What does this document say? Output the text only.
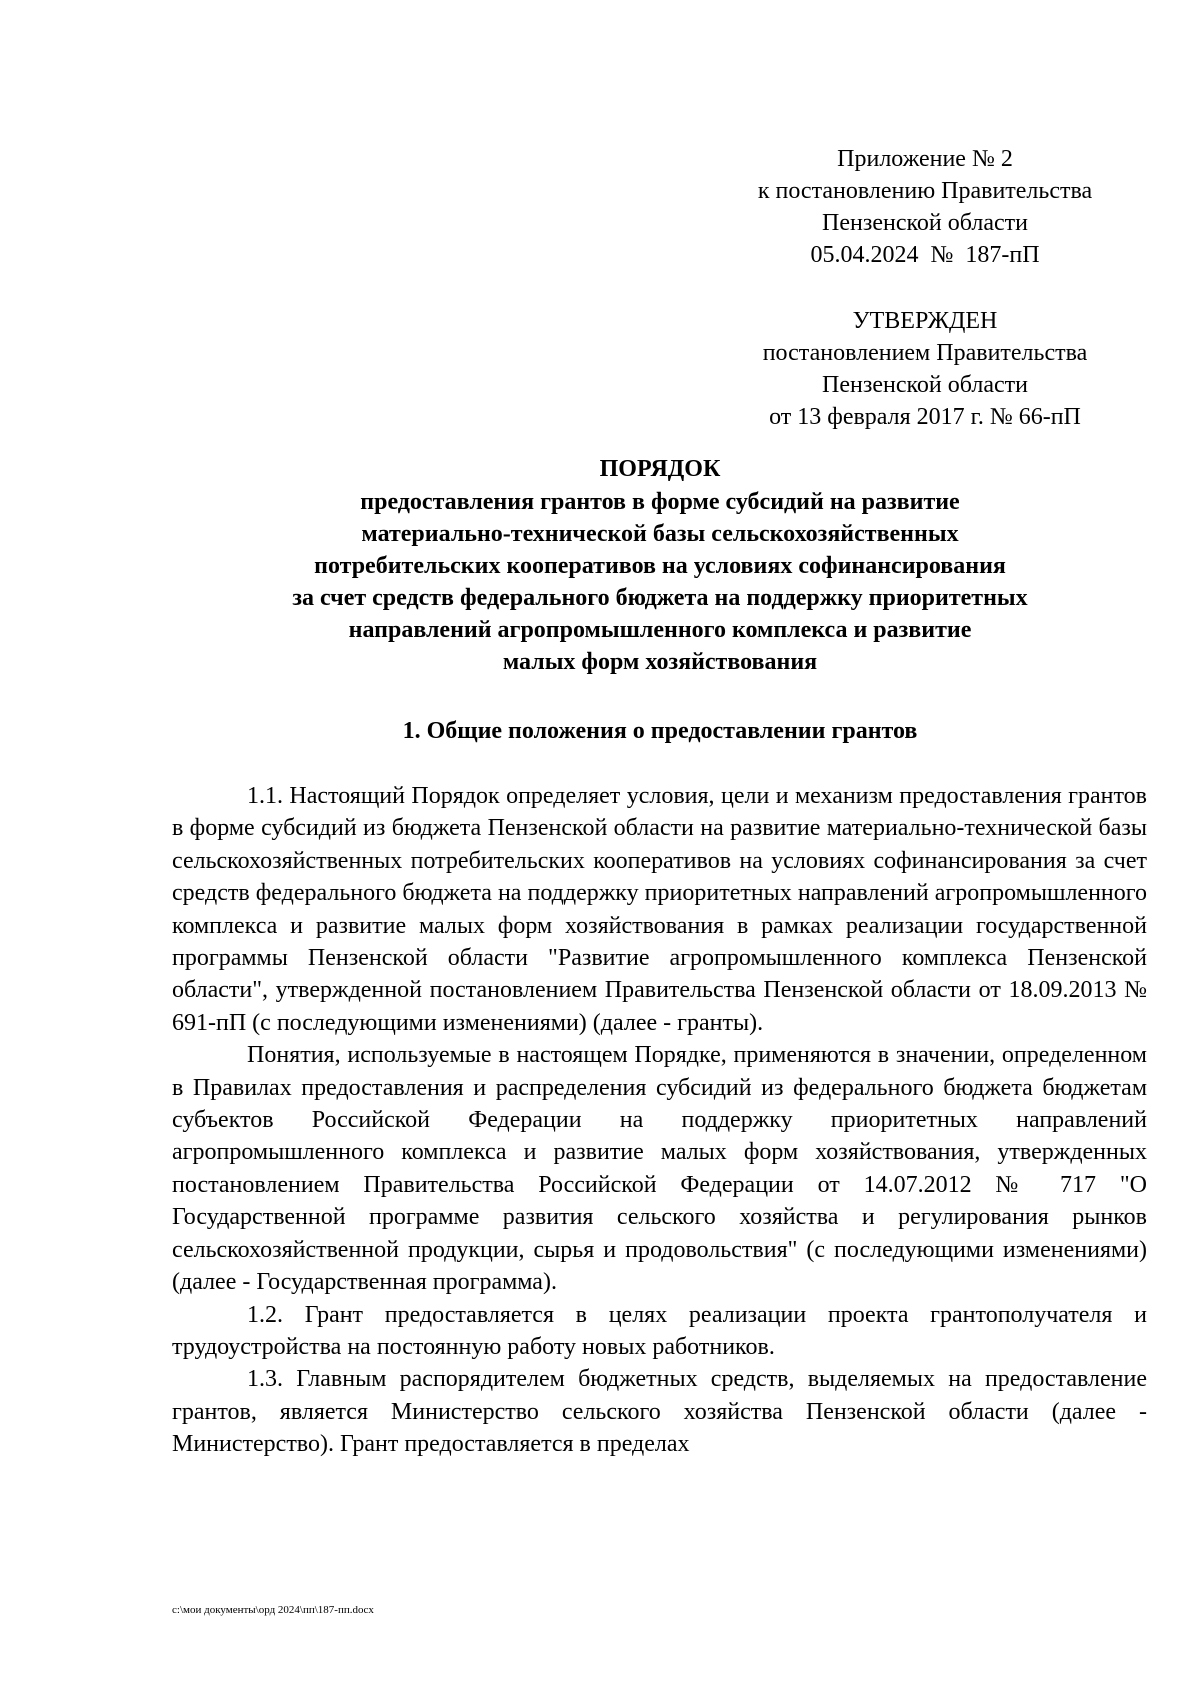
Приложение № 2
к постановлению Правительства
Пензенской области
05.04.2024  №  187-пП
УТВЕРЖДЕН
постановлением Правительства
Пензенской области
от 13 февраля 2017 г. № 66-пП
ПОРЯДОК
предоставления грантов в форме субсидий на развитие
материально-технической базы сельскохозяйственных
потребительских кооперативов на условиях софинансирования
за счет средств федерального бюджета на поддержку приоритетных
направлений агропромышленного комплекса и развитие
малых форм хозяйствования
1. Общие положения о предоставлении грантов

1.1. Настоящий Порядок определяет условия, цели и механизм предоставления грантов в форме субсидий из бюджета Пензенской области на развитие материально-технической базы сельскохозяйственных потребительских кооперативов на условиях софинансирования за счет средств федерального бюджета на поддержку приоритетных направлений агропромышленного комплекса и развитие малых форм хозяйствования в рамках реализации государственной программы Пензенской области "Развитие агропромышленного комплекса Пензенской области", утвержденной постановлением Правительства Пензенской области от 18.09.2013 № 691-пП (с последующими изменениями) (далее - гранты).

Понятия, используемые в настоящем Порядке, применяются в значении, определенном в Правилах предоставления и распределения субсидий из федерального бюджета бюджетам субъектов Российской Федерации на поддержку приоритетных направлений агропромышленного комплекса и развитие малых форм хозяйствования, утвержденных постановлением Правительства Российской Федерации от 14.07.2012 № 717 "О Государственной программе развития сельского хозяйства и регулирования рынков сельскохозяйственной продукции, сырья и продовольствия" (с последующими изменениями) (далее - Государственная программа).

1.2. Грант предоставляется в целях реализации проекта грантополучателя и трудоустройства на постоянную работу новых работников.

1.3. Главным распорядителем бюджетных средств, выделяемых на предоставление грантов, является Министерство сельского хозяйства Пензенской области (далее - Министерство). Грант предоставляется в пределах

c:\мои документы\орд 2024\пп\187-пп.docx
